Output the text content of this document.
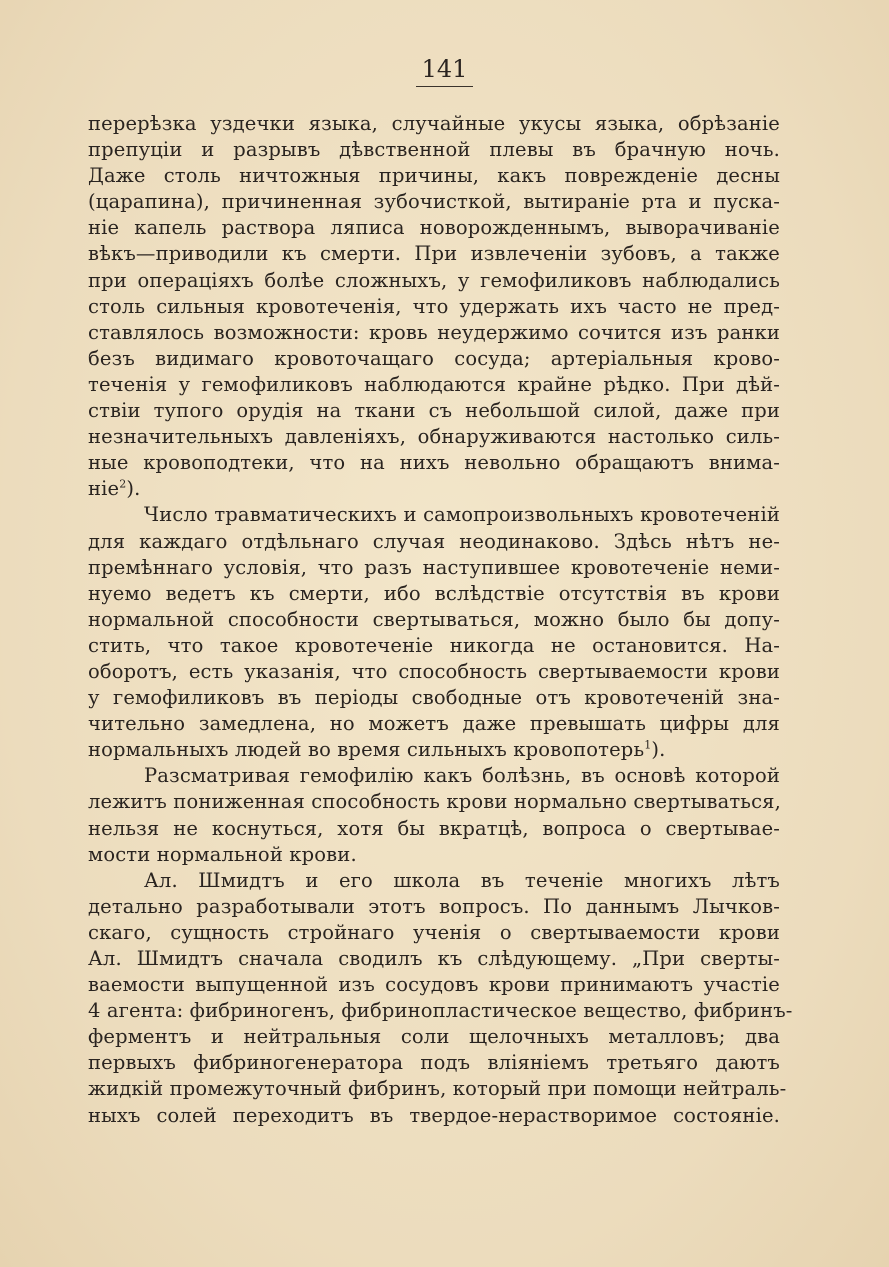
141
перерѣзка уздечки языка, случайные укусы языка, обрѣзаніе
препуціи и разрывъ дѣвственной плевы въ брачную ночь.
Даже столь ничтожныя причины, какъ поврежденіе десны
(царапина), причиненная зубочисткой, вытираніе рта и пуска-
ніе капель раствора ляписа новорожденнымъ, выворачиваніе
вѣкъ—приводили къ смерти. При извлеченіи зубовъ, а также
при операціяхъ болѣе сложныхъ, у гемофиликовъ наблюдались
столь сильныя кровотеченія, что удержать ихъ часто не пред-
ставлялось возможности: кровь неудержимо сочится изъ ранки
безъ видимаго кровоточащаго сосуда; артеріальныя крово-
теченія у гемофиликовъ наблюдаются крайне рѣдко. При дѣй-
ствіи тупого орудія на ткани съ небольшой силой, даже при
незначительныхъ давленіяхъ, обнаруживаются настолько силь-
ные кровоподтеки, что на нихъ невольно обращаютъ внима-
ніе$^2$).
Число травматическихъ и самопроизвольныхъ кровотеченій
для каждаго отдѣльнаго случая неодинаково. Здѣсь нѣтъ не-
премѣннаго условія, что разъ наступившее кровотеченіе неми-
нуемо ведетъ къ смерти, ибо вслѣдствіе отсутствія въ крови
нормальной способности свертываться, можно было бы допу-
стить, что такое кровотеченіе никогда не остановится. На-
оборотъ, есть указанія, что способность свертываемости крови
у гемофиликовъ въ періоды свободные отъ кровотеченій зна-
чительно замедлена, но можетъ даже превышать цифры для
нормальныхъ людей во время сильныхъ кровопотерь$^1$).
Разсматривая гемофилію какъ болѣзнь, въ основѣ которой
лежитъ пониженная способность крови нормально свертываться,
нельзя не коснуться, хотя бы вкратцѣ, вопроса о свертывае-
мости нормальной крови.
Ал. Шмидтъ и его школа въ теченіе многихъ лѣтъ
детально разработывали этотъ вопросъ. По даннымъ Лычков-
скаго, сущность стройнаго ученія о свертываемости крови
Ал. Шмидтъ сначала сводилъ къ слѣдующему. „При сверты-
ваемости выпущенной изъ сосудовъ крови принимаютъ участіе
4 агента: фибриногенъ, фибринопластическое вещество, фибринъ-
ферментъ и нейтральныя соли щелочныхъ металловъ; два
первыхъ фибриногенератора подъ вліяніемъ третьяго даютъ
жидкій промежуточный фибринъ, который при помощи нейтраль-
ныхъ солей переходитъ въ твердое-нерастворимое состояніе.
